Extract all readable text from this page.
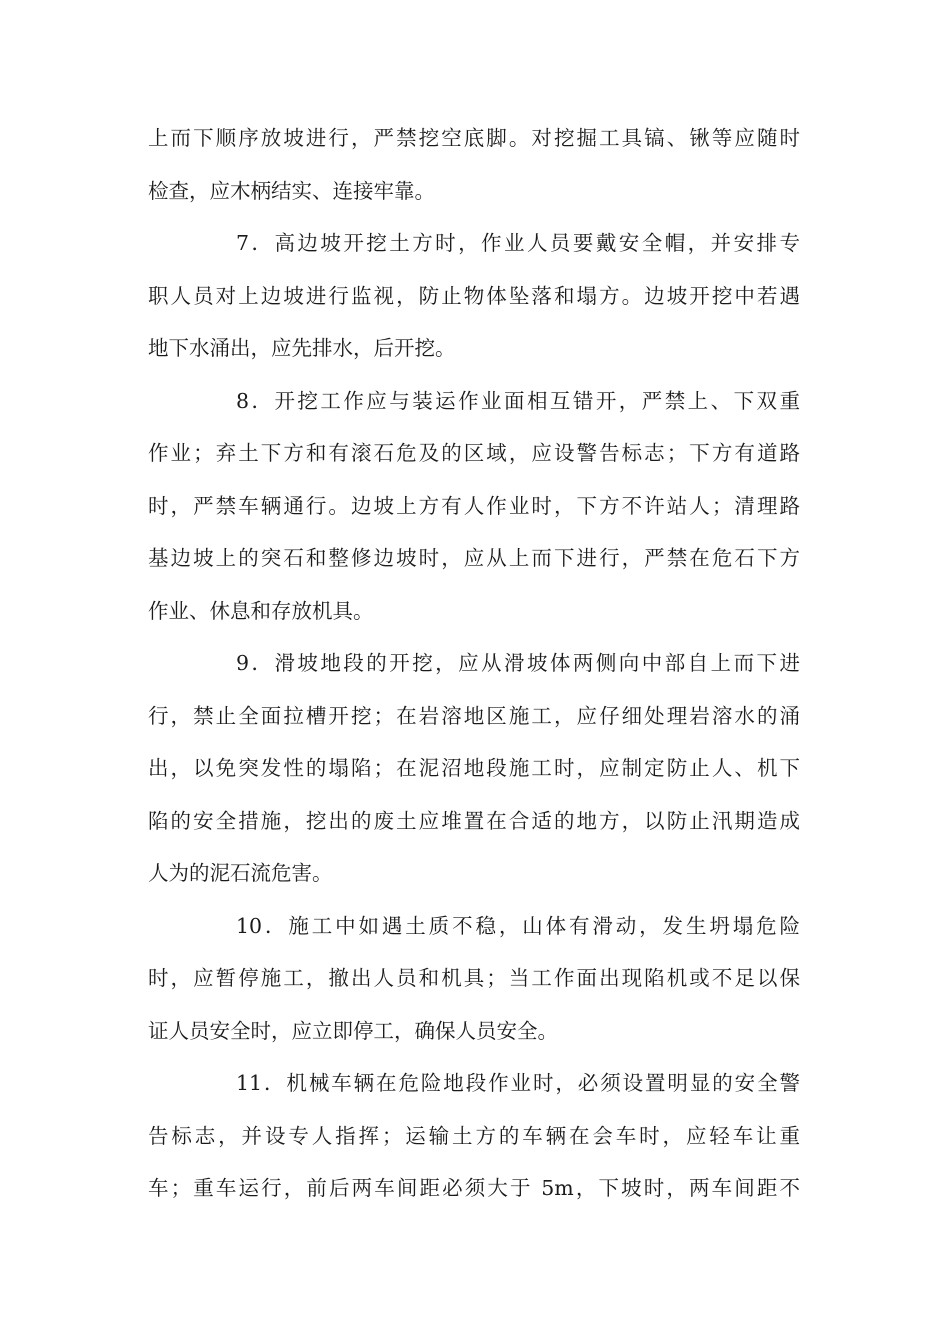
上而下顺序放坡进行，严禁挖空底脚。对挖掘工具镐、锹等应随时
检查，应木柄结实、连接牢靠。
7．高边坡开挖土方时，作业人员要戴安全帽，并安排专
职人员对上边坡进行监视，防止物体坠落和塌方。边坡开挖中若遇
地下水涌出，应先排水，后开挖。
8．开挖工作应与装运作业面相互错开，严禁上、下双重
作业；弃土下方和有滚石危及的区域，应设警告标志；下方有道路
时，严禁车辆通行。边坡上方有人作业时，下方不许站人；清理路
基边坡上的突石和整修边坡时，应从上而下进行，严禁在危石下方
作业、休息和存放机具。
9．滑坡地段的开挖，应从滑坡体两侧向中部自上而下进
行，禁止全面拉槽开挖；在岩溶地区施工，应仔细处理岩溶水的涌
出，以免突发性的塌陷；在泥沼地段施工时，应制定防止人、机下
陷的安全措施，挖出的废土应堆置在合适的地方，以防止汛期造成
人为的泥石流危害。
10．施工中如遇土质不稳，山体有滑动，发生坍塌危险
时，应暂停施工，撤出人员和机具；当工作面出现陷机或不足以保
证人员安全时，应立即停工，确保人员安全。
11．机械车辆在危险地段作业时，必须设置明显的安全警
告标志，并设专人指挥；运输土方的车辆在会车时，应轻车让重
车；重车运行，前后两车间距必须大于 5m，下坡时，两车间距不
